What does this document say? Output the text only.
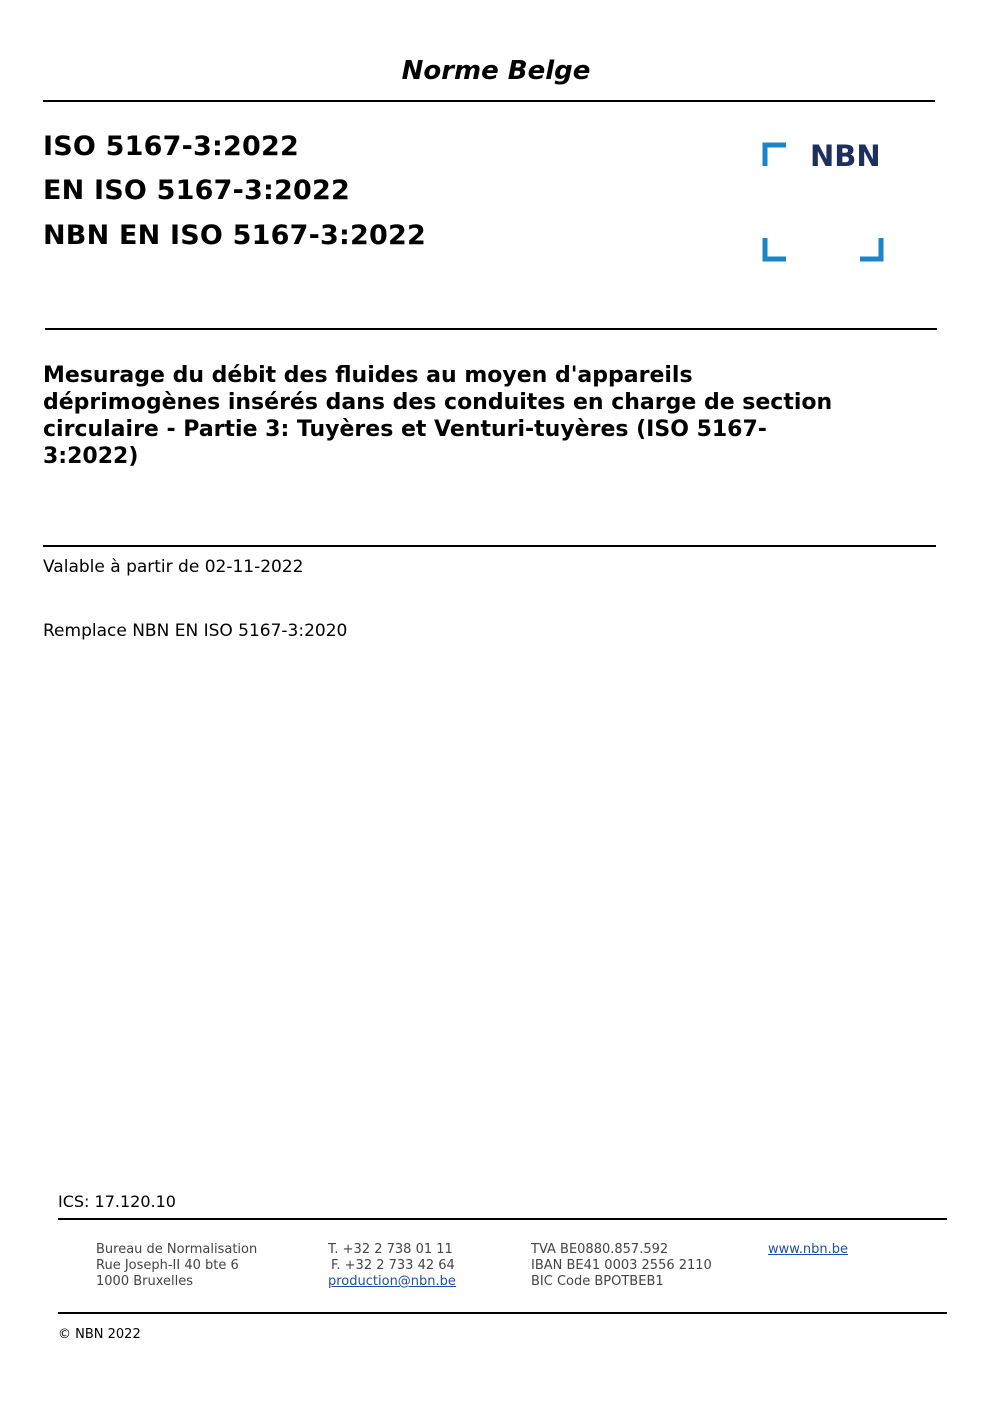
Norme Belge
ISO 5167-3:2022
EN ISO 5167-3:2022
NBN EN ISO 5167-3:2022
NBN
Mesurage du débit des fluides au moyen d'appareils déprimogènes insérés dans des conduites en charge de section circulaire - Partie 3: Tuyères et Venturi-tuyères (ISO 5167-3:2022)
Valable à partir de 02-11-2022
Remplace NBN EN ISO 5167-3:2020
ICS: 17.120.10
Bureau de Normalisation
Rue Joseph-II 40 bte 6
1000 Bruxelles
T. +32 2 738 01 11
F. +32 2 733 42 64
production@nbn.be
TVA BE0880.857.592
IBAN BE41 0003 2556 2110
BIC Code BPOTBEB1
www.nbn.be
© NBN 2022
